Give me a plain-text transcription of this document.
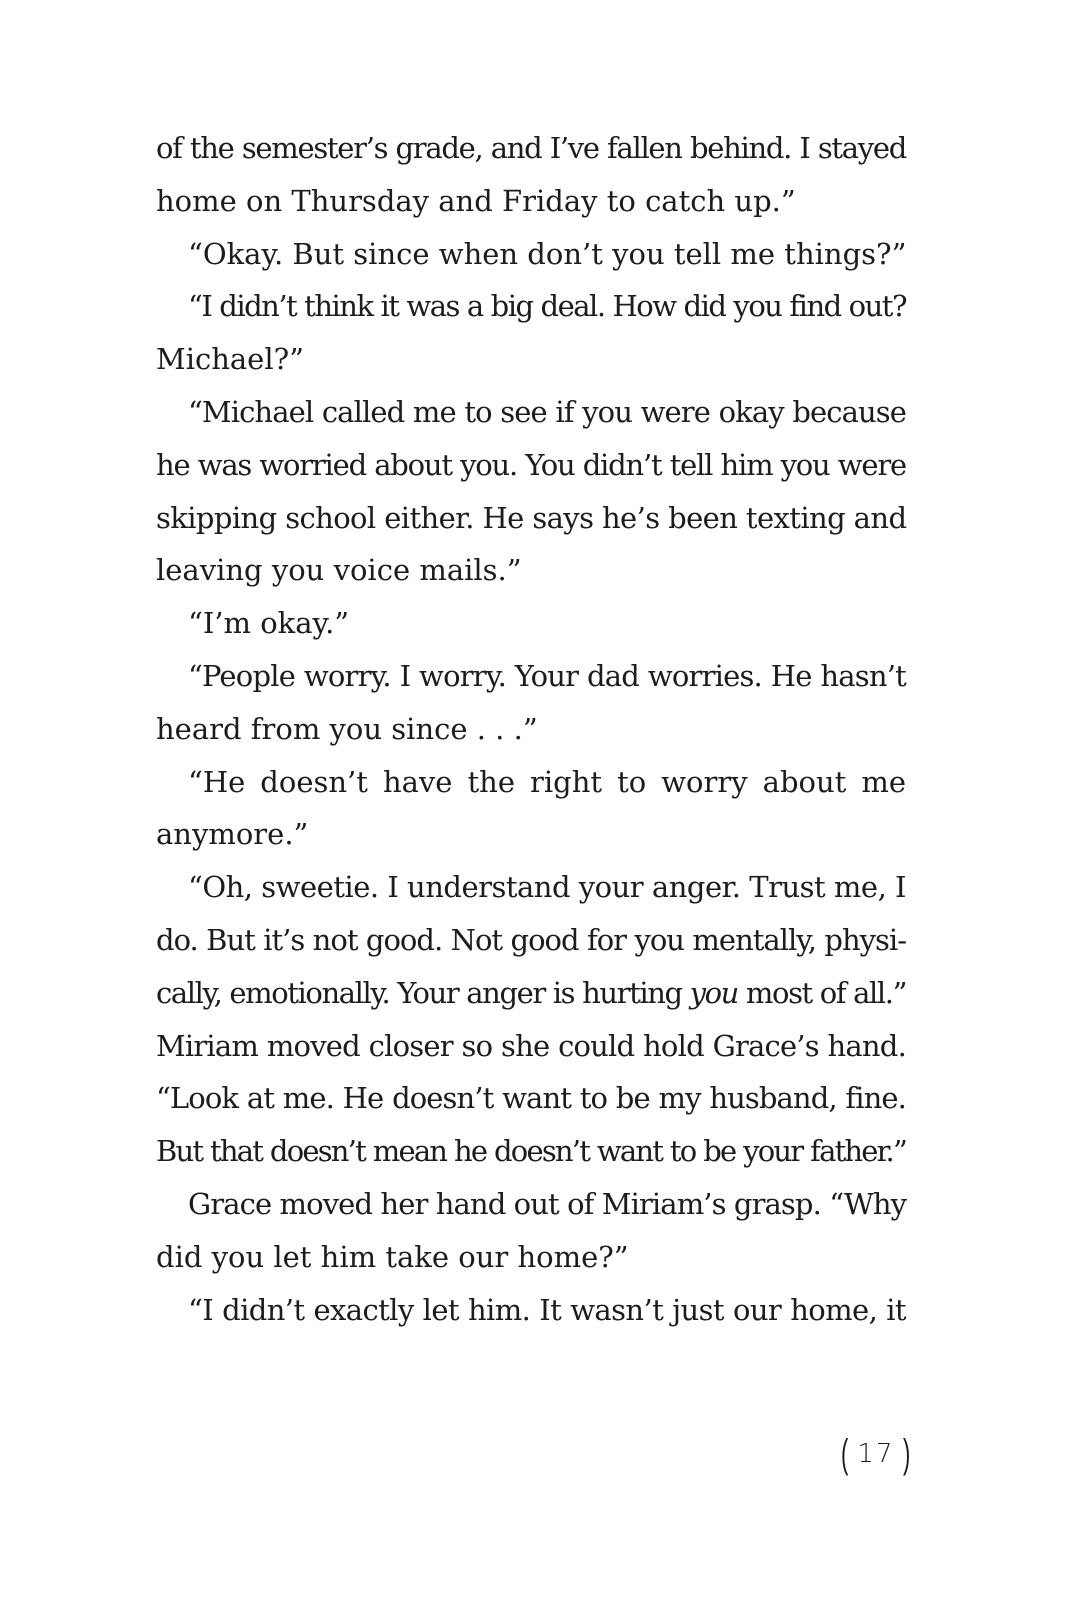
of the semester’s grade, and I’ve fallen behind. I stayed
home on Thursday and Friday to catch up.”
“Okay. But since when don’t you tell me things?”
“I didn’t think it was a big deal. How did you find out?
Michael?”
“Michael called me to see if you were okay because
he was worried about you. You didn’t tell him you were
skipping school either. He says he’s been texting and
leaving you voice mails.”
“I’m okay.”
“People worry. I worry. Your dad worries. He hasn’t
heard from you since . . .”
“He doesn’t have the right to worry about me
anymore.”
“Oh, sweetie. I understand your anger. Trust me, I
do. But it’s not good. Not good for you mentally, physi-
cally, emotionally. Your anger is hurting you most of all.”
Miriam moved closer so she could hold Grace’s hand.
“Look at me. He doesn’t want to be my husband, fine.
But that doesn’t mean he doesn’t want to be your father.”
Grace moved her hand out of Miriam’s grasp. “Why
did you let him take our home?”
“I didn’t exactly let him. It wasn’t just our home, it
( 17 )
